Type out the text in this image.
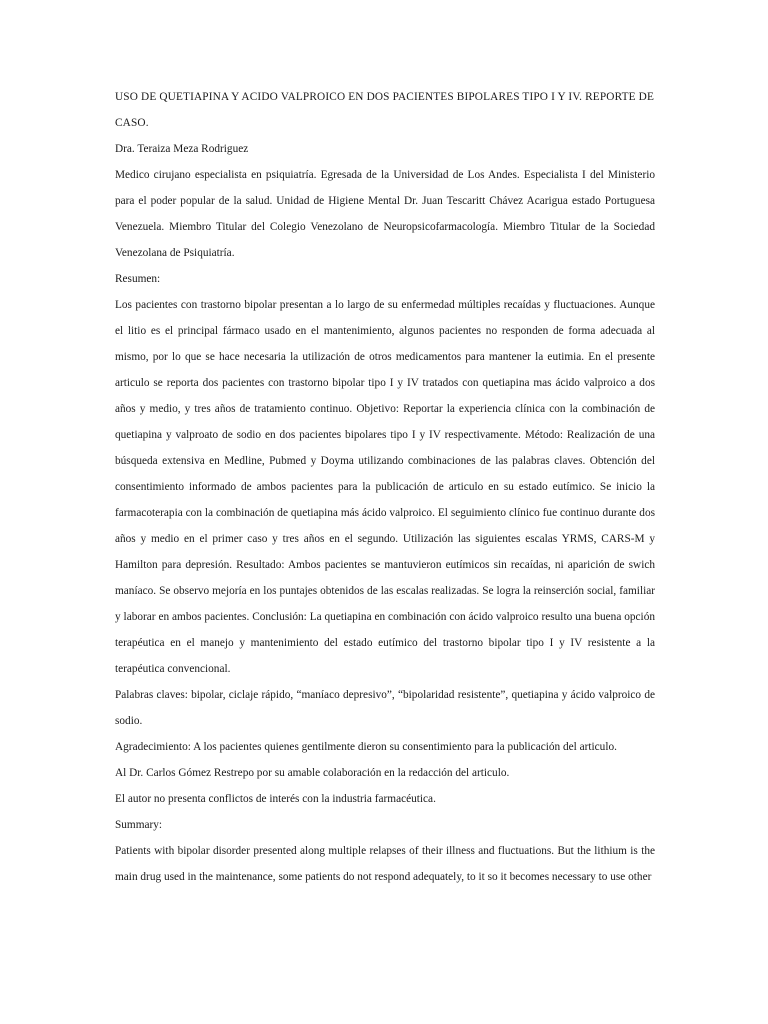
USO DE QUETIAPINA Y ACIDO VALPROICO EN DOS PACIENTES BIPOLARES TIPO I Y IV. REPORTE DE CASO.

Dra. Teraiza Meza Rodriguez

Medico cirujano especialista en psiquiatría. Egresada de la Universidad de Los Andes. Especialista I del Ministerio para el poder popular de la salud. Unidad de Higiene Mental Dr. Juan Tescaritt Chávez Acarigua estado Portuguesa Venezuela. Miembro Titular del Colegio Venezolano de Neuropsicofarmacología. Miembro Titular de la Sociedad Venezolana de Psiquiatría.

Resumen:

Los pacientes con trastorno bipolar presentan a lo largo de su enfermedad múltiples recaídas y fluctuaciones. Aunque el litio es el principal fármaco usado en el mantenimiento, algunos pacientes no responden de forma adecuada al mismo, por lo que se hace necesaria la utilización de otros medicamentos para mantener la eutimia. En el presente articulo se reporta dos pacientes con trastorno bipolar tipo I y IV tratados con quetiapina mas ácido valproico a dos años y medio, y tres años de tratamiento continuo. Objetivo: Reportar la experiencia clínica con la combinación de quetiapina y valproato de sodio en dos pacientes bipolares tipo I y IV respectivamente. Método: Realización de una búsqueda extensiva en Medline, Pubmed y Doyma utilizando combinaciones de las palabras claves. Obtención del consentimiento informado de ambos pacientes para la publicación de articulo en su estado eutímico. Se inicio la farmacoterapia con la combinación de quetiapina más ácido valproico. El seguimiento clínico fue continuo durante dos años y medio en el primer caso y tres años en el segundo. Utilización las siguientes escalas YRMS, CARS-M y Hamilton para depresión. Resultado: Ambos pacientes se mantuvieron eutímicos sin recaídas, ni aparición de swich maníaco. Se observo mejoría en los puntajes obtenidos de las escalas realizadas. Se logra la reinserción social, familiar y laborar en ambos pacientes. Conclusión: La quetiapina en combinación con ácido valproico resulto una buena opción terapéutica en el manejo y mantenimiento del estado eutímico del trastorno bipolar tipo I y IV resistente a la terapéutica convencional.

Palabras claves: bipolar, ciclaje rápido, “maníaco depresivo”, “bipolaridad resistente”, quetiapina y ácido valproico de sodio.

Agradecimiento: A los pacientes quienes gentilmente dieron su consentimiento para la publicación del articulo.

Al Dr. Carlos Gómez Restrepo por su amable colaboración en la redacción del articulo.

El autor no presenta conflictos de interés con la industria farmacéutica.

Summary:

Patients with bipolar disorder presented along multiple relapses of their illness and fluctuations. But the lithium is the main drug used in the maintenance, some patients do not respond adequately, to it so it becomes necessary to use other
